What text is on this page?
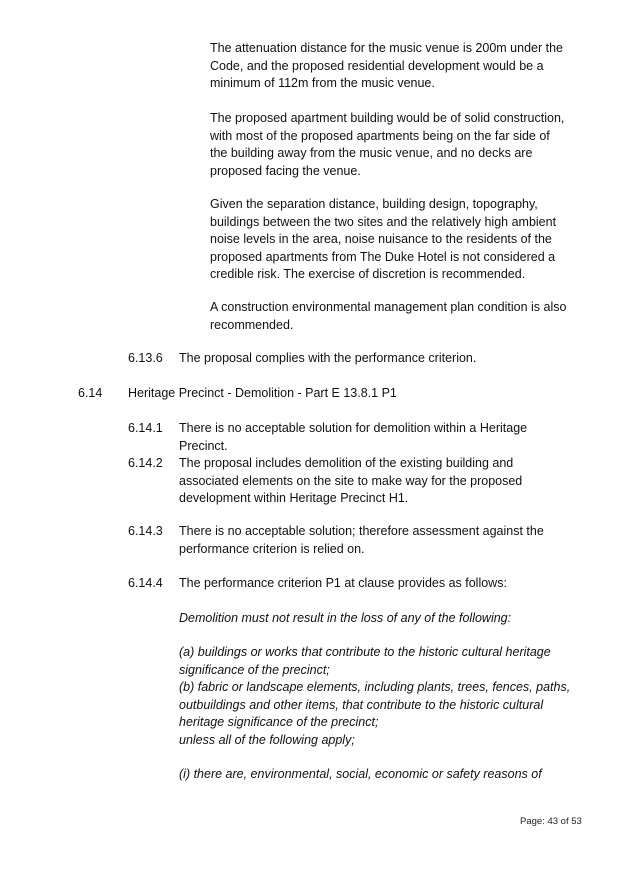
The attenuation distance for the music venue is 200m under the Code, and the proposed residential development would be a minimum of 112m from the music venue.

The proposed apartment building would be of solid construction, with most of the proposed apartments being on the far side of the building away from the music venue, and no decks are proposed facing the venue.

Given the separation distance, building design, topography, buildings between the two sites and the relatively high ambient noise levels in the area, noise nuisance to the residents of the proposed apartments from The Duke Hotel is not considered a credible risk. The exercise of discretion is recommended.

A construction environmental management plan condition is also recommended.

6.13.6 The proposal complies with the performance criterion.
6.14 Heritage Precinct - Demolition - Part E 13.8.1 P1
6.14.1 There is no acceptable solution for demolition within a Heritage Precinct.
6.14.2 The proposal includes demolition of the existing building and associated elements on the site to make way for the proposed development within Heritage Precinct H1.
6.14.3 There is no acceptable solution; therefore assessment against the performance criterion is relied on.
6.14.4 The performance criterion P1 at clause provides as follows:
Demolition must not result in the loss of any of the following:
(a) buildings or works that contribute to the historic cultural heritage significance of the precinct;
(b) fabric or landscape elements, including plants, trees, fences, paths, outbuildings and other items, that contribute to the historic cultural heritage significance of the precinct;
unless all of the following apply;
(i) there are, environmental, social, economic or safety reasons of
Page: 43 of 53
